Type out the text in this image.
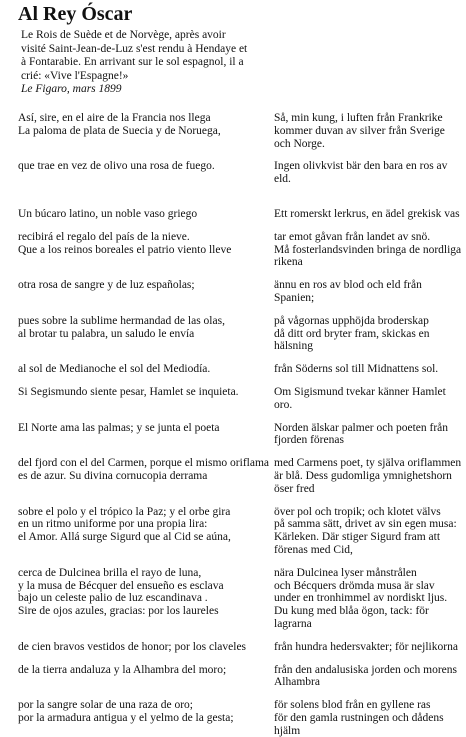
Al Rey Óscar
Le Rois de Suède et de Norvège, après avoir
visité Saint-Jean-de-Luz s'est rendu à Hendaye et
à Fontarabie. En arrivant sur le sol espagnol, il a
crié: «Vive l'Espagne!»
Le Figaro, mars 1899
Así, sire, en el aire de la Francia nos llega	Så, min kung, i luften från Frankrike
La paloma de plata de Suecia y de Noruega,	kommer duvan av silver från Sverige och Norge.
que trae en vez de olivo una rosa de fuego.	Ingen olivkvist bär den bara en ros av eld.
Un búcaro latino, un noble vaso griego	Ett romerskt lerkrus, en ädel grekisk vas
recibirá el regalo del país de la nieve.	tar emot gåvan från landet av snö.
Que a los reinos boreales el patrio viento lleve	Må fosterlandsvinden bringa de nordliga rikena
otra rosa de sangre y de luz españolas;	ännu en ros av blod och eld från Spanien;
pues sobre la sublime hermandad de las olas,	på vågornas upphöjda broderskap
al brotar tu palabra, un saludo le envía	då ditt ord bryter fram, skickas en hälsning
al sol de Medianoche el sol del Mediodía.	från Söderns sol till Midnattens sol.
Si Segismundo siente pesar, Hamlet se inquieta.	Om Sigismund tvekar känner Hamlet oro.
El Norte ama las palmas; y se junta el poeta	Norden älskar palmer och poeten från fjorden förenas
del fjord con el del Carmen, porque el mismo oriflama med Carmens poet, ty själva oriflammen
es de azur. Su divina cornucopia derrama	är blå. Dess gudomliga ymnighetshorn öser fred
sobre el polo y el trópico la Paz; y el orbe gira	över pol och tropik; och klotet välvs
en un ritmo uniforme por una propia lira:	på samma sätt, drivet av sin egen musa:
el Amor. Allá surge Sigurd que al Cid se aúna,	Kärleken. Där stiger Sigurd fram att förenas med Cid,
cerca de Dulcinea brilla el rayo de luna,	nära Dulcinea lyser månstrålen
y la musa de Bécquer del ensueño es esclava	och Bécquers drömda musa är slav
bajo un celeste palio de luz escandinava .	under en tronhimmel av nordiskt ljus.
Sire de ojos azules, gracias: por los laureles	Du kung med blåa ögon, tack: för lagrarna
de cien bravos vestidos de honor; por los claveles	från hundra hedersvakter; för nejlikorna
de la tierra andaluza y la Alhambra del moro;	från den andalusiska jorden och morens Alhambra
por la sangre solar de una raza de oro;	för solens blod från en gyllene ras
por la armadura antigua y el yelmo de la gesta;	för den gamla rustningen och dådens hjälm
